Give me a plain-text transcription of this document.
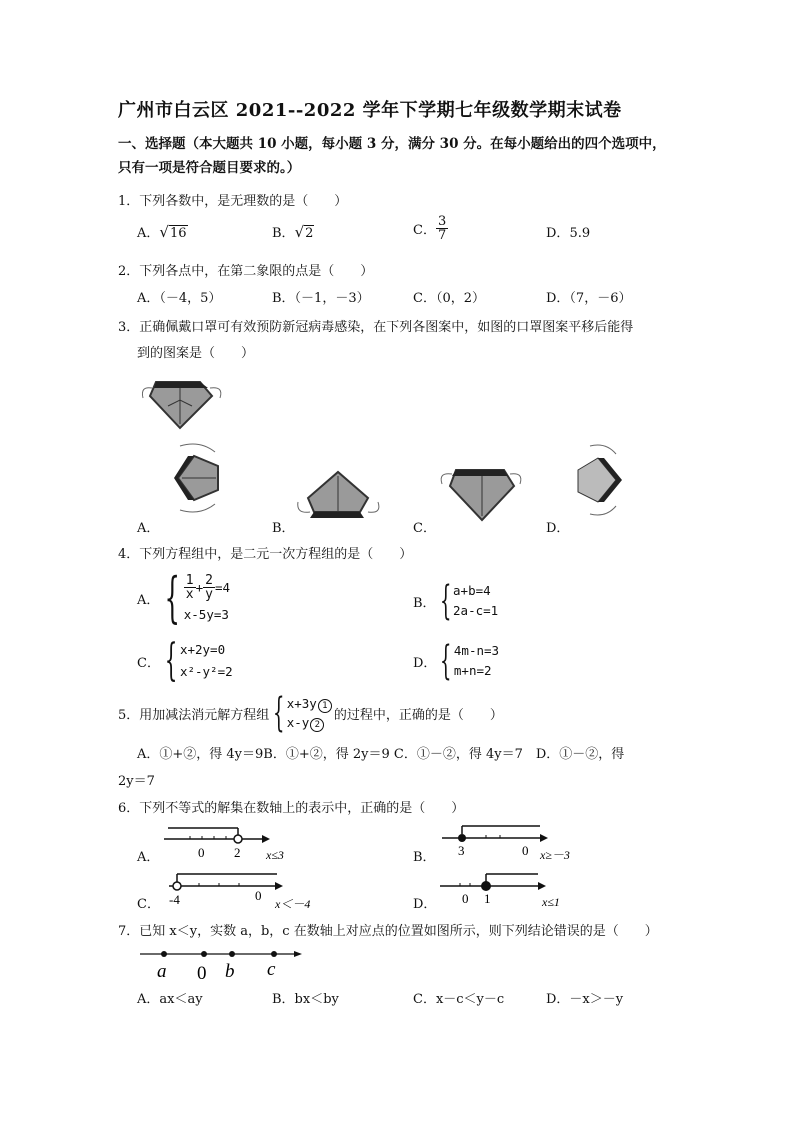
广州市白云区 2021--2022 学年下学期七年级数学期末试卷
一、选择题（本大题共 10 小题，每小题 3 分，满分 30 分。在每小题给出的四个选项中，
只有一项是符合题目要求的。）
1．下列各数中，是无理数的是（　　）
A．√16	B．√2	C． $\frac{3}{7}$	D．5.9
2．下列各点中，在第二象限的点是（　　）
A．（－4，5）	B．（－1，－3）	C．（0，2）	D．（7，－6）
3．正确佩戴口罩可有效预防新冠病毒感染，在下列各图案中，如图的口罩图案平移后能得
到的图案是（　　）
A．	B．	C．	D．
4．下列方程组中，是二元一次方程组的是（　　）
A． { $\frac{1}{x} + \frac{2}{y} =4$
x-5y=3
B． { a+b=4
2a-c=1
C． { x+2y=0
x²-y²=2
D． { 4m-n=3
m+n=2
5．用加减法消元解方程组 { x+3y 1
x-y 2
的过程中，正确的是（　　）
A．①+②，得 4y＝9B．①+②，得 2y＝9 C．①－②，得 4y＝7　D．①－②，得
2y＝7
6．下列不等式的解集在数轴上的表示中，正确的是（　　）
A．	0 2 x≤3	B． 3	0 x≥－3
C． -4	0
x＜－4	D． 0 1	x≤1
7．已知 x＜y，实数 a，b，c 在数轴上对应点的位置如图所示，则下列结论错误的是（　　）
a 0 b c
A．ax＜ay	B．bx＜by	C．x－c＜y－c	D．－x＞－y
